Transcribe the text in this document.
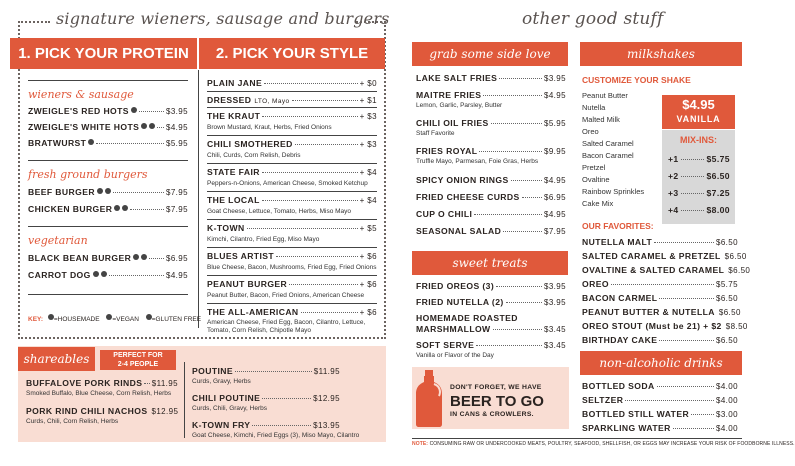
signature wieners, sausage and burgers
1. PICK YOUR PROTEIN	2. PICK YOUR STYLE
wieners & sausage
ZWEIGLE'S RED HOTS	$3.95
ZWEIGLE'S WHITE HOTS	$4.95
BRATWURST	$5.95
fresh ground burgers
BEEF BURGER	$7.95
CHICKEN BURGER	$7.95
vegetarian
BLACK BEAN BURGER	$6.95
CARROT DOG	$4.95
KEY: =HOUSEMADE =VEGAN =GLUTEN FREE
PLAIN JANE	+ $0
DRESSED LTO, Mayo	+ $1
THE KRAUT	+ $3
Brown Mustard, Kraut, Herbs, Fried Onions
CHILI SMOTHERED	+ $3
Chili, Curds, Corn Relish, Debris
STATE FAIR	+ $4
Peppers-n-Onions, American Cheese, Smoked Ketchup
THE LOCAL	+ $4
Goat Cheese, Lettuce, Tomato, Herbs, Miso Mayo
K-TOWN	+ $5
Kimchi, Cilantro, Fried Egg, Miso Mayo
BLUES ARTIST	+ $6
Blue Cheese, Bacon, Mushrooms, Fried Egg, Fried Onions
PEANUT BURGER	+ $6
Peanut Butter, Bacon, Fried Onions, American Cheese
THE ALL-AMERICAN	+ $6
American Cheese, Fried Egg, Bacon, Cilantro, Lettuce,
Tomato, Corn Relish, Chipotle Mayo
shareables	PERFECT FOR
2-4 PEOPLE
BUFFALOVE PORK RINDS $11.95
Smoked Buffalo, Blue Cheese, Corn Relish, Herbs
PORK RIND CHILI NACHOS $12.95
Curds, Chili, Corn Relish, Herbs
POUTINE	$11.95
Curds, Gravy, Herbs
CHILI POUTINE	$12.95
Curds, Chili, Gravy, Herbs
K-TOWN FRY	$13.95
Goat Cheese, Kimchi, Fried Eggs (3), Miso Mayo, Cilantro
other good stuff
grab some side love
LAKE SALT FRIES	$3.95
MAITRE FRIES	$4.95
Lemon, Garlic, Parsley, Butter
CHILI OIL FRIES	$5.95
Staff Favorite
FRIES ROYAL	$9.95
Truffle Mayo, Parmesan, Foie Gras, Herbs
SPICY ONION RINGS	$4.95
FRIED CHEESE CURDS	$6.95
CUP O CHILI	$4.95
SEASONAL SALAD	$7.95
sweet treats
FRIED OREOS (3)	$3.95
FRIED NUTELLA (2)	$3.95
HOMEMADE ROASTED
MARSHMALLOW	$3.45
SOFT SERVE	$3.45
Vanilla or Flavor of the Day
DON'T FORGET, WE HAVE
BEER TO GO
IN CANS & CROWLERS.
milkshakes
CUSTOMIZE YOUR SHAKE
Peanut Butter
Nutella
Malted Milk
Oreo
Salted Caramel
Bacon Caramel
Pretzel
Ovaltine
Rainbow Sprinkles
Cake Mix
$4.95
VANILLA
MIX-INS:
+1	$5.75
+2	$6.50
+3	$7.25
+4	$8.00
OUR FAVORITES:
NUTELLA MALT	$6.50
SALTED CARAMEL & PRETZEL $6.50
OVALTINE & SALTED CARAMEL $6.50
OREO	$5.75
BACON CARMEL	$6.50
PEANUT BUTTER & NUTELLA $6.50
OREO STOUT (Must be 21) + $2 $8.50
BIRTHDAY CAKE	$6.50
non-alcoholic drinks
BOTTLED SODA	$4.00
SELTZER	$4.00
BOTTLED STILL WATER	$3.00
SPARKLING WATER	$4.00
NOTE: CONSUMING RAW OR UNDERCOOKED MEATS, POULTRY, SEAFOOD, SHELLFISH, OR EGGS MAY INCREASE YOUR RISK OF FOODBORNE ILLNESS.
